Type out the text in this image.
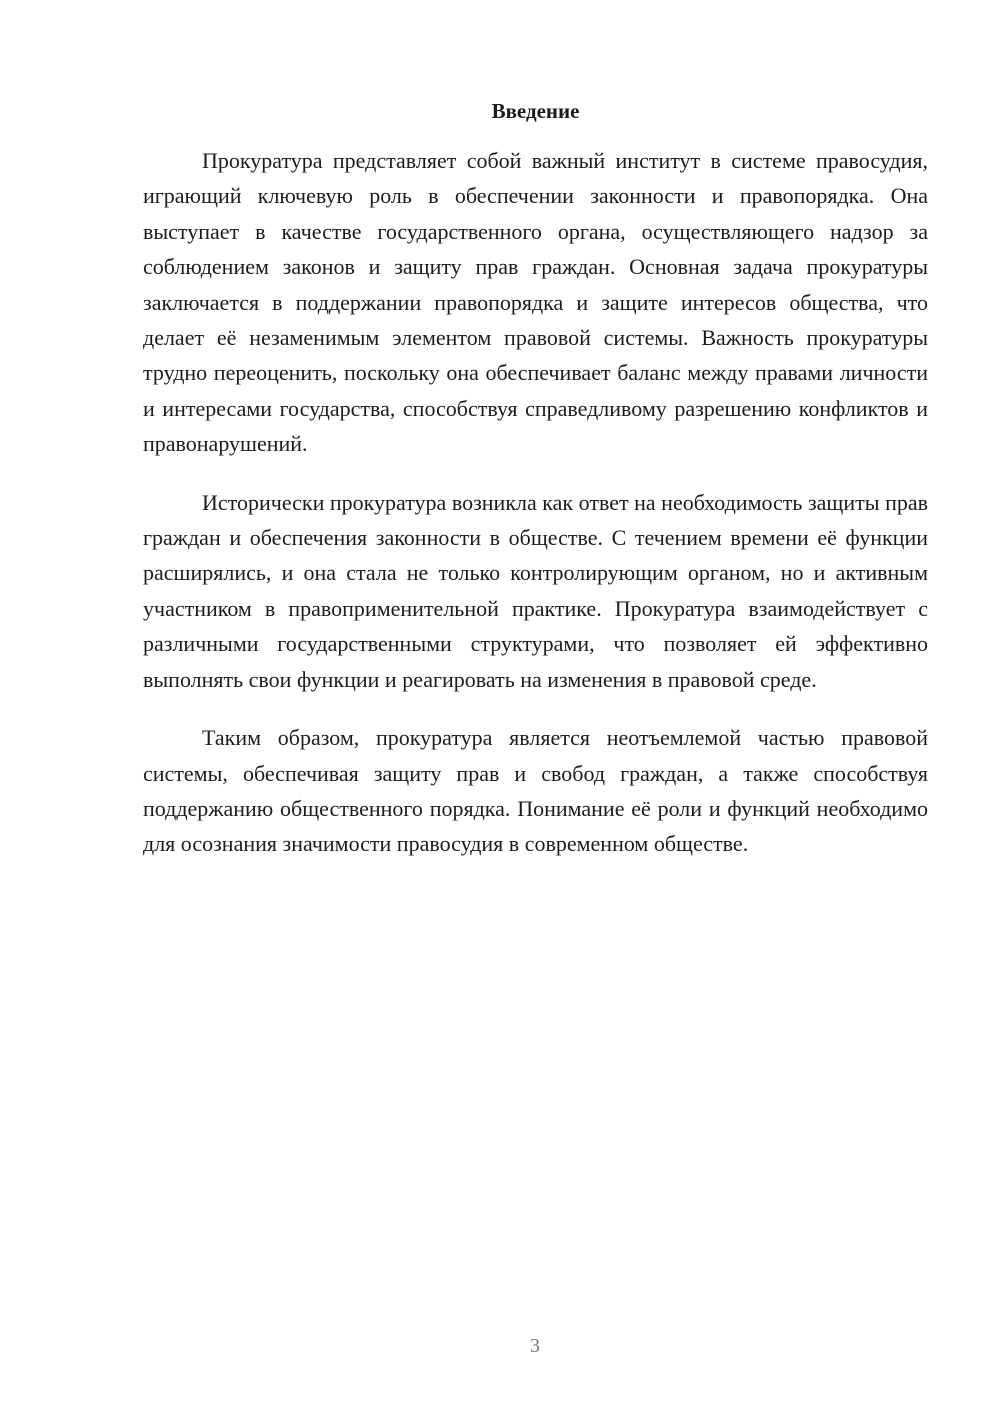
Введение

Прокуратура представляет собой важный институт в системе правосудия, играющий ключевую роль в обеспечении законности и правопорядка. Она выступает в качестве государственного органа, осуществляющего надзор за соблюдением законов и защиту прав граждан. Основная задача прокуратуры заключается в поддержании правопорядка и защите интересов общества, что делает её незаменимым элементом правовой системы. Важность прокуратуры трудно переоценить, поскольку она обеспечивает баланс между правами личности и интересами государства, способствуя справедливому разрешению конфликтов и правонарушений.

Исторически прокуратура возникла как ответ на необходимость защиты прав граждан и обеспечения законности в обществе. С течением времени её функции расширялись, и она стала не только контролирующим органом, но и активным участником в правоприменительной практике. Прокуратура взаимодействует с различными государственными структурами, что позволяет ей эффективно выполнять свои функции и реагировать на изменения в правовой среде.

Таким образом, прокуратура является неотъемлемой частью правовой системы, обеспечивая защиту прав и свобод граждан, а также способствуя поддержанию общественного порядка. Понимание её роли и функций необходимо для осознания значимости правосудия в современном обществе.

3
